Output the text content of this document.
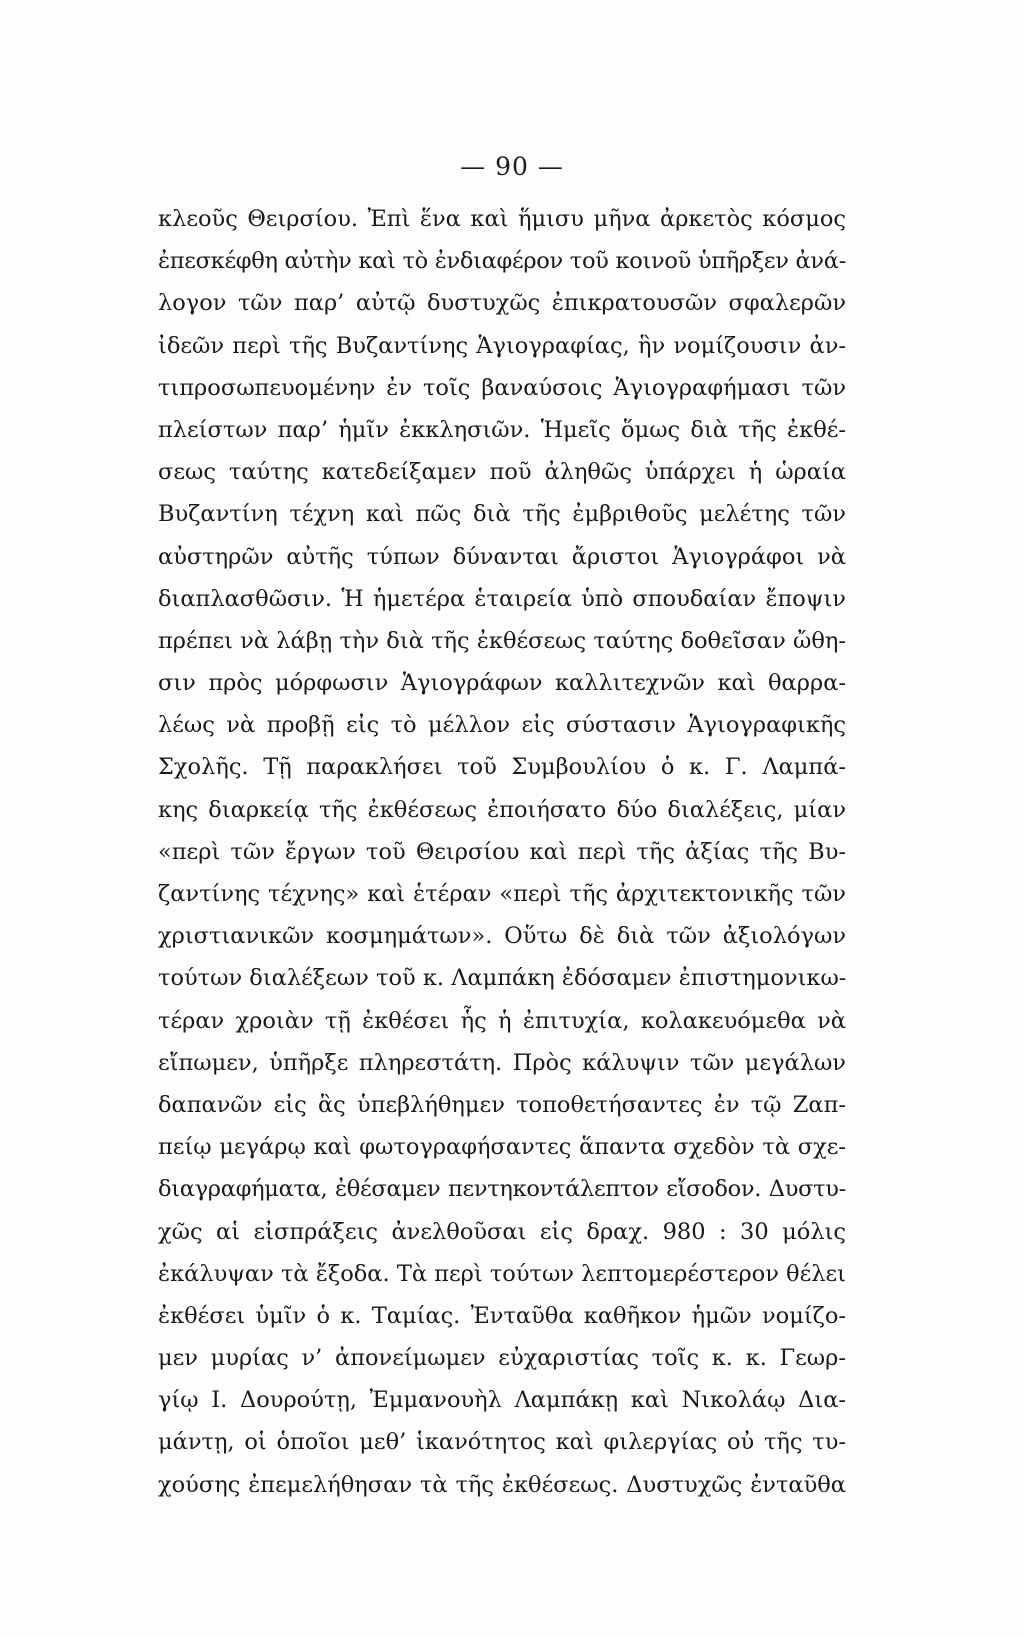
— 90 —
κλεοῦς Θειρσίου. Ἐπὶ ἕνα καὶ ἥμισυ μῆνα ἀρκετὸς κόσμος
ἐπεσκέφθη αὐτὴν καὶ τὸ ἐνδιαφέρον τοῦ κοινοῦ ὑπῆρξεν ἀνά-
λογον τῶν παρ’ αὐτῷ δυστυχῶς ἐπικρατουσῶν σφαλερῶν
ἰδεῶν περὶ τῆς Βυζαντίνης Ἁγιογραφίας, ἣν νομίζουσιν ἀν-
τιπροσωπευομένην ἐν τοῖς βαναύσοις Ἁγιογραφήμασι τῶν
πλείστων παρ’ ἡμῖν ἐκκλησιῶν. Ἡμεῖς ὅμως διὰ τῆς ἐκθέ-
σεως ταύτης κατεδείξαμεν ποῦ ἀληθῶς ὑπάρχει ἡ ὡραία
Βυζαντίνη τέχνη καὶ πῶς διὰ τῆς ἐμβριθοῦς μελέτης τῶν
αὐστηρῶν αὐτῆς τύπων δύνανται ἄριστοι Ἁγιογράφοι νὰ
διαπλασθῶσιν. Ἡ ἡμετέρα ἑταιρεία ὑπὸ σπουδαίαν ἔποψιν
πρέπει νὰ λάβῃ τὴν διὰ τῆς ἐκθέσεως ταύτης δοθεῖσαν ὤθη-
σιν πρὸς μόρφωσιν Ἁγιογράφων καλλιτεχνῶν καὶ θαρρα-
λέως νὰ προβῇ εἰς τὸ μέλλον εἰς σύστασιν Ἁγιογραφικῆς
Σχολῆς. Τῇ παρακλήσει τοῦ Συμβουλίου ὁ κ. Γ. Λαμπά-
κης διαρκείᾳ τῆς ἐκθέσεως ἐποιήσατο δύο διαλέξεις, μίαν
«περὶ τῶν ἔργων τοῦ Θειρσίου καὶ περὶ τῆς ἀξίας τῆς Βυ-
ζαντίνης τέχνης» καὶ ἑτέραν «περὶ τῆς ἀρχιτεκτονικῆς τῶν
χριστιανικῶν κοσμημάτων». Οὕτω δὲ διὰ τῶν ἀξιολόγων
τούτων διαλέξεων τοῦ κ. Λαμπάκη ἐδόσαμεν ἐπιστημονικω-
τέραν χροιὰν τῇ ἐκθέσει ἧς ἡ ἐπιτυχία, κολακευόμεθα νὰ
εἴπωμεν, ὑπῆρξε πληρεστάτη. Πρὸς κάλυψιν τῶν μεγάλων
δαπανῶν εἰς ἃς ὑπεβλήθημεν τοποθετήσαντες ἐν τῷ Ζαπ-
πείῳ μεγάρῳ καὶ φωτογραφήσαντες ἅπαντα σχεδὸν τὰ σχε-
διαγραφήματα, ἐθέσαμεν πεντηκοντάλεπτον εἴσοδον. Δυστυ-
χῶς αἱ εἰσπράξεις ἀνελθοῦσαι εἰς δραχ. 980 : 30 μόλις
ἐκάλυψαν τὰ ἔξοδα. Τὰ περὶ τούτων λεπτομερέστερον θέλει
ἐκθέσει ὑμῖν ὁ κ. Ταμίας. Ἐνταῦθα καθῆκον ἡμῶν νομίζο-
μεν μυρίας ν’ ἀπονείμωμεν εὐχαριστίας τοῖς κ. κ. Γεωρ-
γίῳ Ι. Δουρούτῃ, Ἐμμανουὴλ Λαμπάκῃ καὶ Νικολάῳ Δια-
μάντῃ, οἱ ὁποῖοι μεθ’ ἱκανότητος καὶ φιλεργίας οὐ τῆς τυ-
χούσης ἐπεμελήθησαν τὰ τῆς ἐκθέσεως. Δυστυχῶς ἐνταῦθα
